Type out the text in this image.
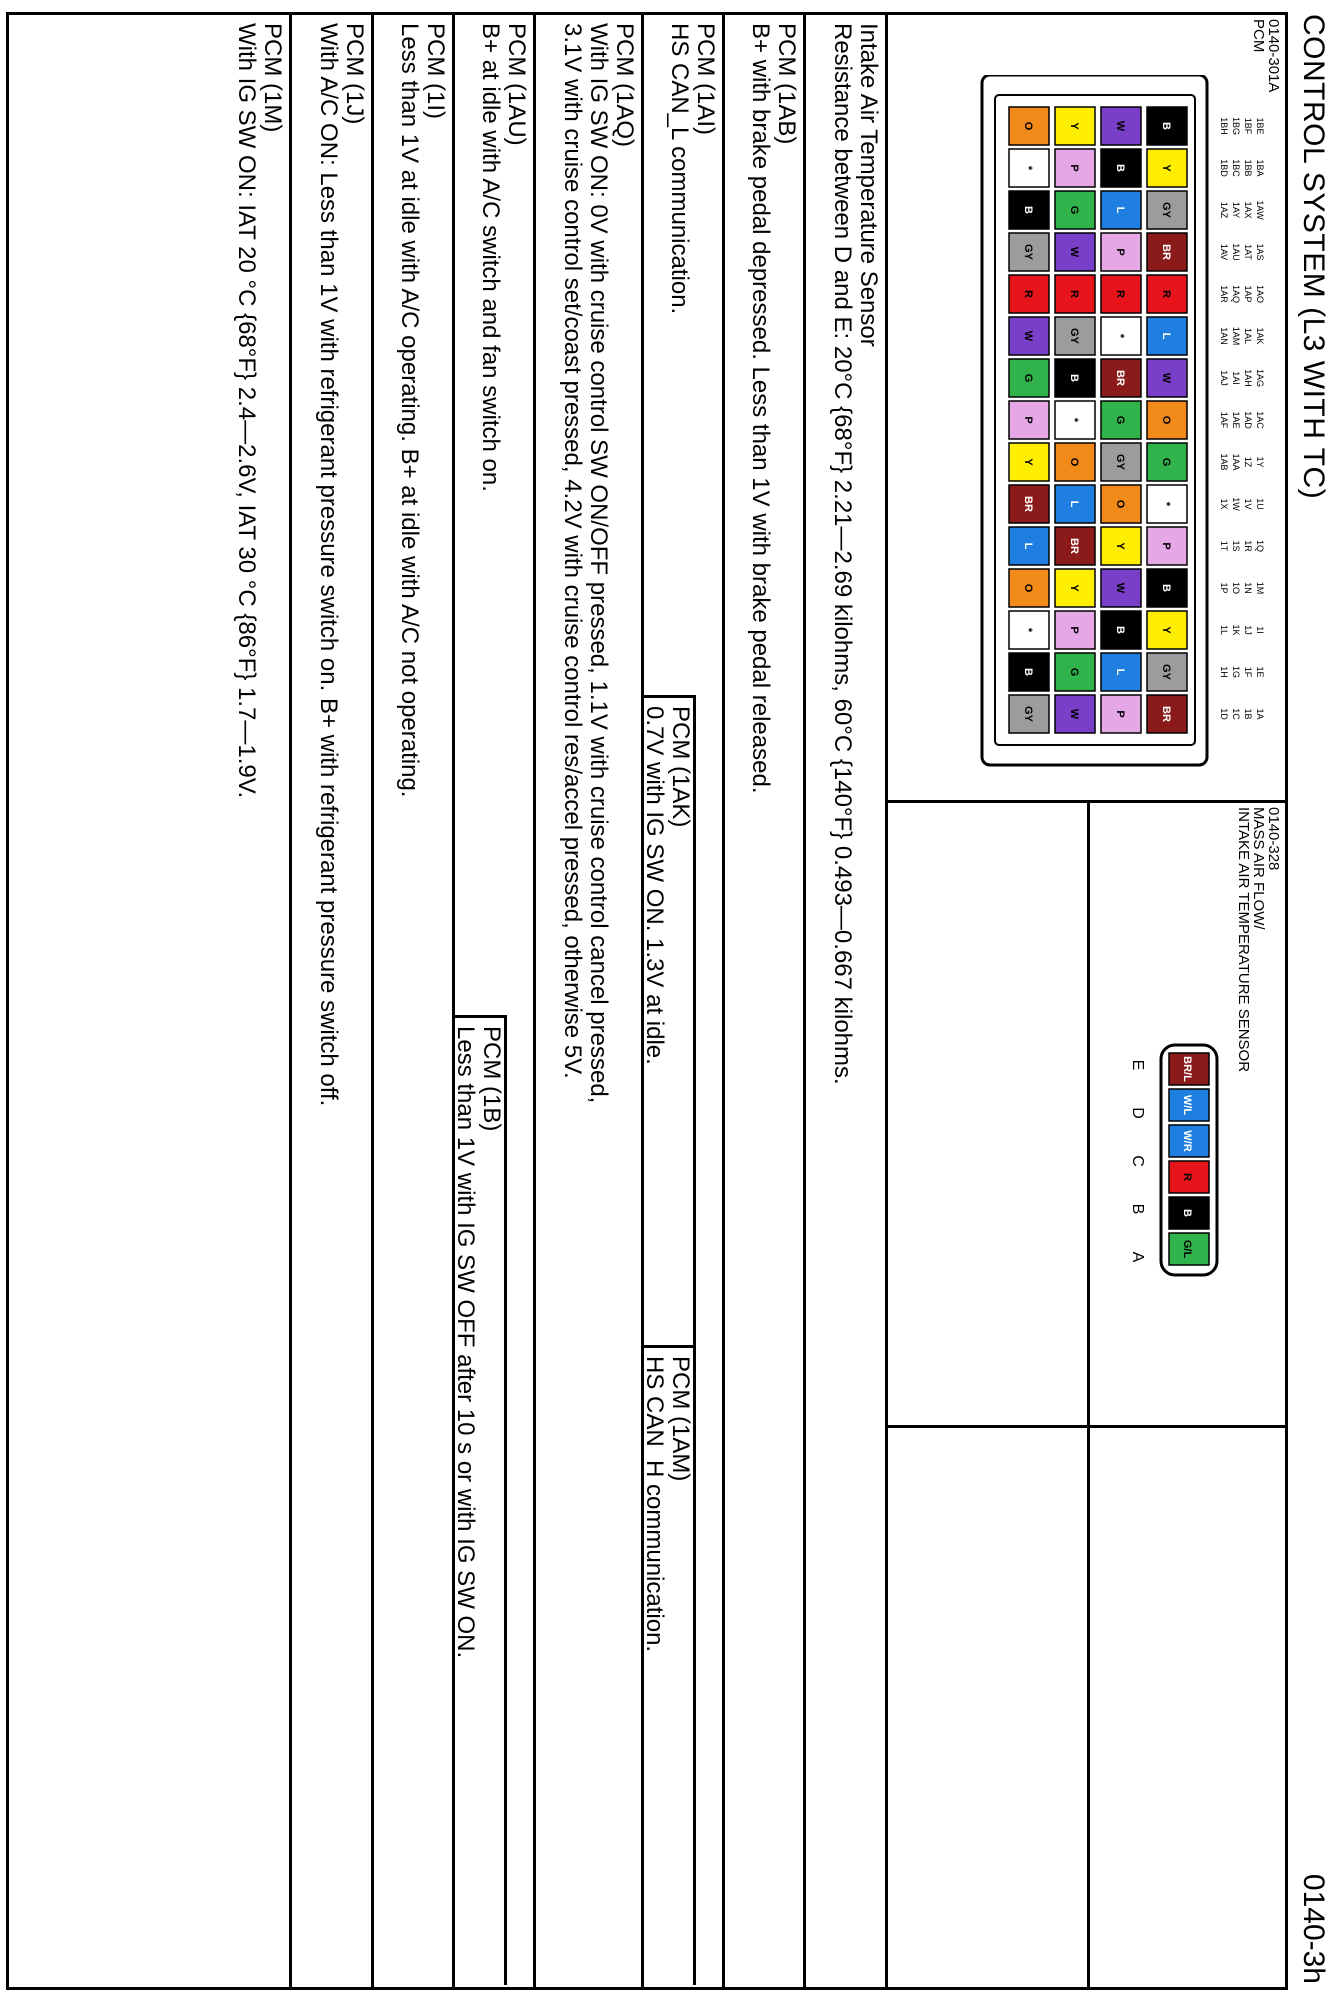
CONTROL SYSTEM (L3 WITH TC)
0140-3h
0140-301A
PCM
1BE
1BF
1BG
1BH
1BA
1BB
1BC
1BD
1AW
1AX
1AY
1AZ
1AS
1AT
1AU
1AV
1AO
1AP
1AQ
1AR
1AK
1AL
1AM
1AN
1AG
1AH
1AI
1AJ
1AC
1AD
1AE
1AF
1Y
1Z
1AA
1AB
1U
1V
1W
1X
1Q
1R
1S
1T
1M
1N
1O
1P
1I
1J
1K
1L
1E
1F
1G
1H
1A
1B
1C
1D
B
Y
GY
BR
R
L
W
O
G
*
P
B
Y
GY
BR
W
B
L
P
R
*
BR
G
GY
O
Y
W
B
L
P
Y
P
G
W
R
GY
B
*
O
L
BR
Y
P
G
W
O
*
B
GY
R
W
G
P
Y
BR
L
O
*
B
GY
0140-328
MASS AIR FLOW/
INTAKE AIR TEMPERATURE SENSOR
BR/L
W/L
W/R
R
B
G/L
E
D
C
B
A
Intake Air Temperature Sensor
Resistance between D and E: 20°C {68°F} 2.21—2.69 kilohms, 60°C {140°F} 0.493—0.667 kilohms.
PCM (1AB)
B+ with brake pedal depressed. Less than 1V with brake pedal released.
PCM (1AI)
HS CAN_L communication.
PCM (1AK)
0.7V with IG SW ON. 1.3V at idle.
PCM (1AM)
HS CAN_H communication.
PCM (1AQ)
With IG SW ON: 0V with cruise control SW ON/OFF pressed, 1.1V with cruise control cancel pressed,
3.1V with cruise control set/coast pressed, 4.2V with cruise control res/accel pressed, otherwise 5V.
PCM (1AU)
B+ at idle with A/C switch and fan switch on.
PCM (1B)
Less than 1V with IG SW OFF after 10 s or with IG SW ON.
PCM (1I)
Less than 1V at idle with A/C operating. B+ at idle with A/C not operating.
PCM (1J)
With A/C ON: Less than 1V with refrigerant pressure switch on. B+ with refrigerant pressure switch off.
PCM (1M)
With IG SW ON: IAT 20 °C {68°F} 2.4—2.6V, IAT 30 °C {86°F} 1.7—1.9V.
